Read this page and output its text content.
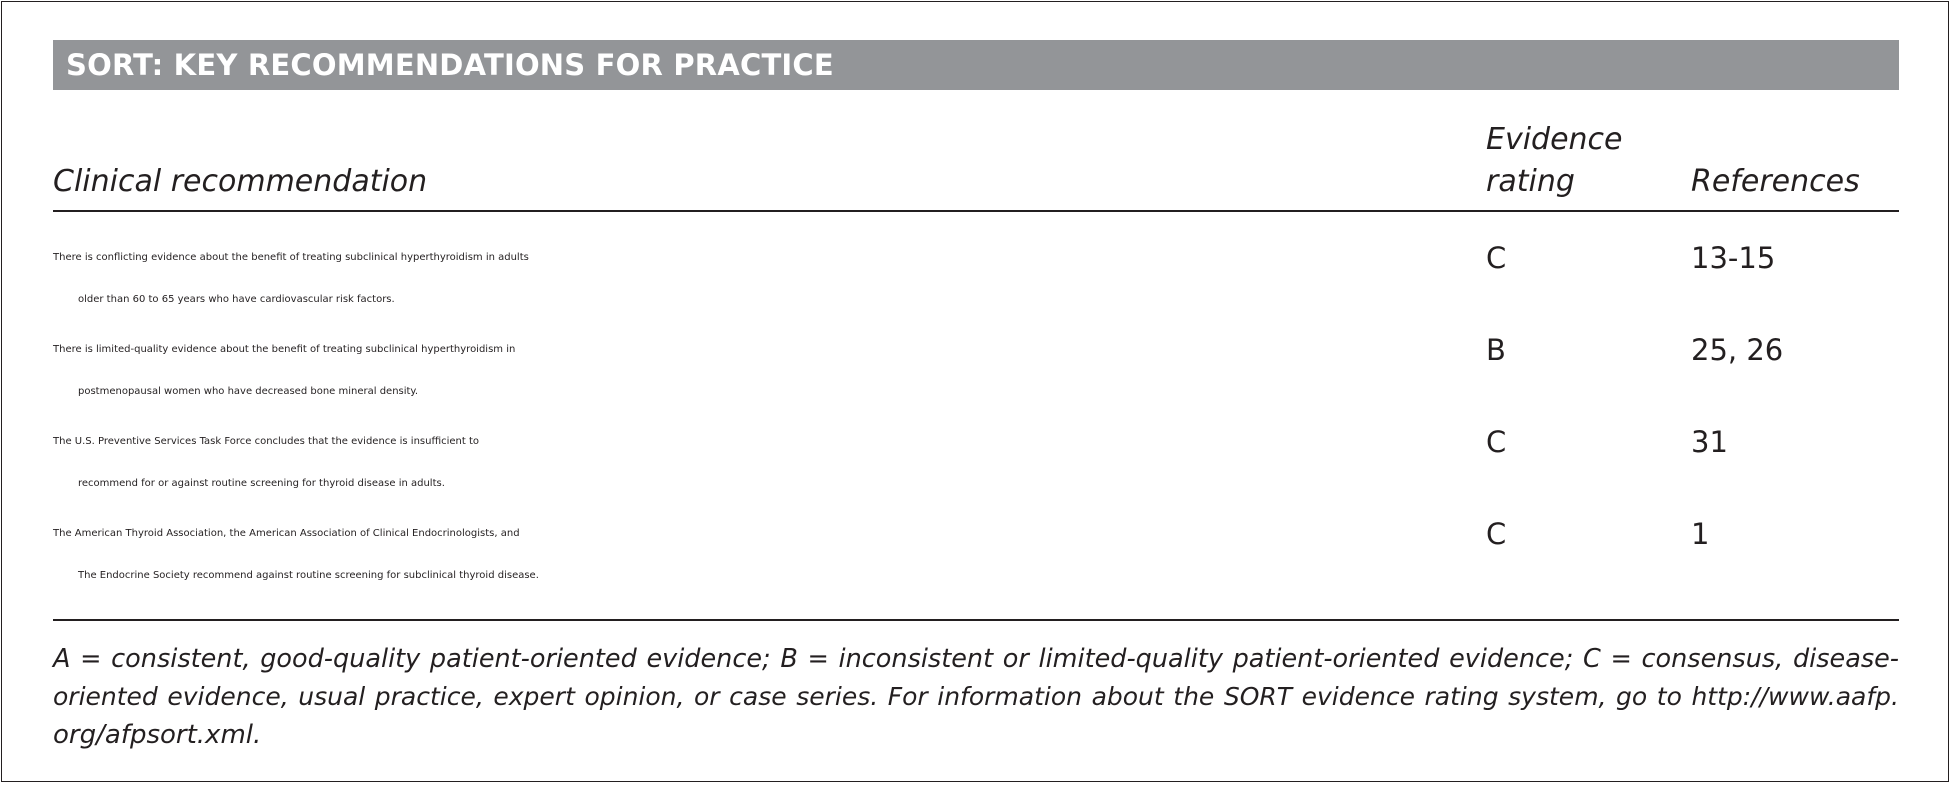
SORT: KEY RECOMMENDATIONS FOR PRACTICE
Clinical recommendation
Evidence
rating	References
There is conflicting evidence about the benefit of treating subclinical hyperthyroidism in adults
older than 60 to 65 years who have cardiovascular risk factors.
C	13-15
There is limited-quality evidence about the benefit of treating subclinical hyperthyroidism in
postmenopausal women who have decreased bone mineral density.
B	25, 26
The U.S. Preventive Services Task Force concludes that the evidence is insufficient to
recommend for or against routine screening for thyroid disease in adults.
C	31
The American Thyroid Association, the American Association of Clinical Endocrinologists, and
The Endocrine Society recommend against routine screening for subclinical thyroid disease.
C	1
A = consistent, good-quality patient-oriented evidence; B = inconsistent or limited-quality patient-oriented evidence; C = consensus, disease-
oriented evidence, usual practice, expert opinion, or case series. For information about the SORT evidence rating system, go to http://www.aafp.
org/afpsort.xml.
